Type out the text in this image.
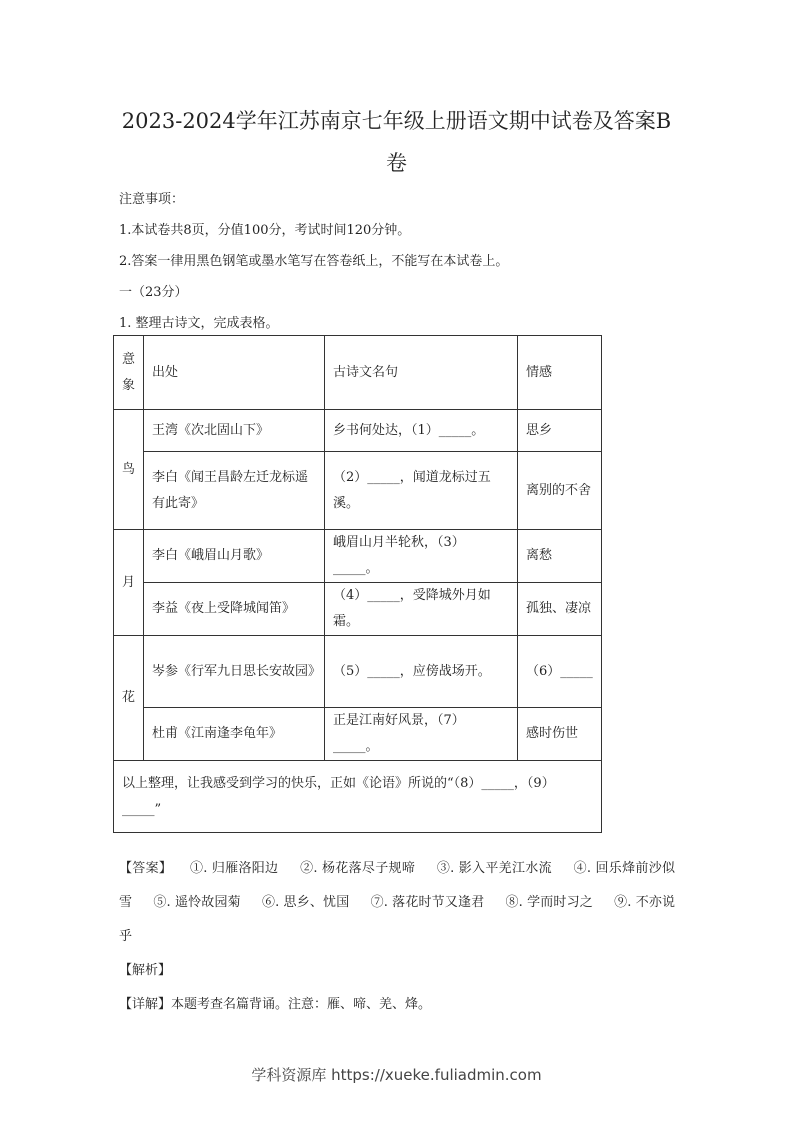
2023-2024学年江苏南京七年级上册语文期中试卷及答案B
卷
注意事项：
1.本试卷共8页，分值100分，考试时间120分钟。
2.答案一律用黑色钢笔或墨水笔写在答卷纸上，不能写在本试卷上。
一（23分）
1. 整理古诗文，完成表格。
意象	出处	古诗文名句	情感
鸟	王湾《次北固山下》	乡书何处达，（1）_____。	思乡
	李白《闻王昌龄左迁龙标遥有此寄》	（2）_____，闻道龙标过五溪。	离别的不舍
月	李白《峨眉山月歌》	峨眉山月半轮秋，（3）_____。	离愁
	李益《夜上受降城闻笛》	（4）_____，受降城外月如霜。	孤独、凄凉
花	岑参《行军九日思长安故园》	（5）_____，应傍战场开。	（6）_____
	杜甫《江南逢李龟年》	正是江南好风景，（7）_____。	感时伤世
以上整理，让我感受到学习的快乐，正如《论语》所说的“（8）_____，（9）_____”			
【答案】 ①. 归雁洛阳边 ②. 杨花落尽子规啼 ③. 影入平羌江水流 ④. 回乐烽前沙似雪 ⑤. 遥怜故园菊 ⑥. 思乡、忧国 ⑦. 落花时节又逢君 ⑧. 学而时习之 ⑨. 不亦说乎
【解析】
【详解】本题考查名篇背诵。注意：雁、啼、羌、烽。
学科资源库 https://xueke.fuliadmin.com
